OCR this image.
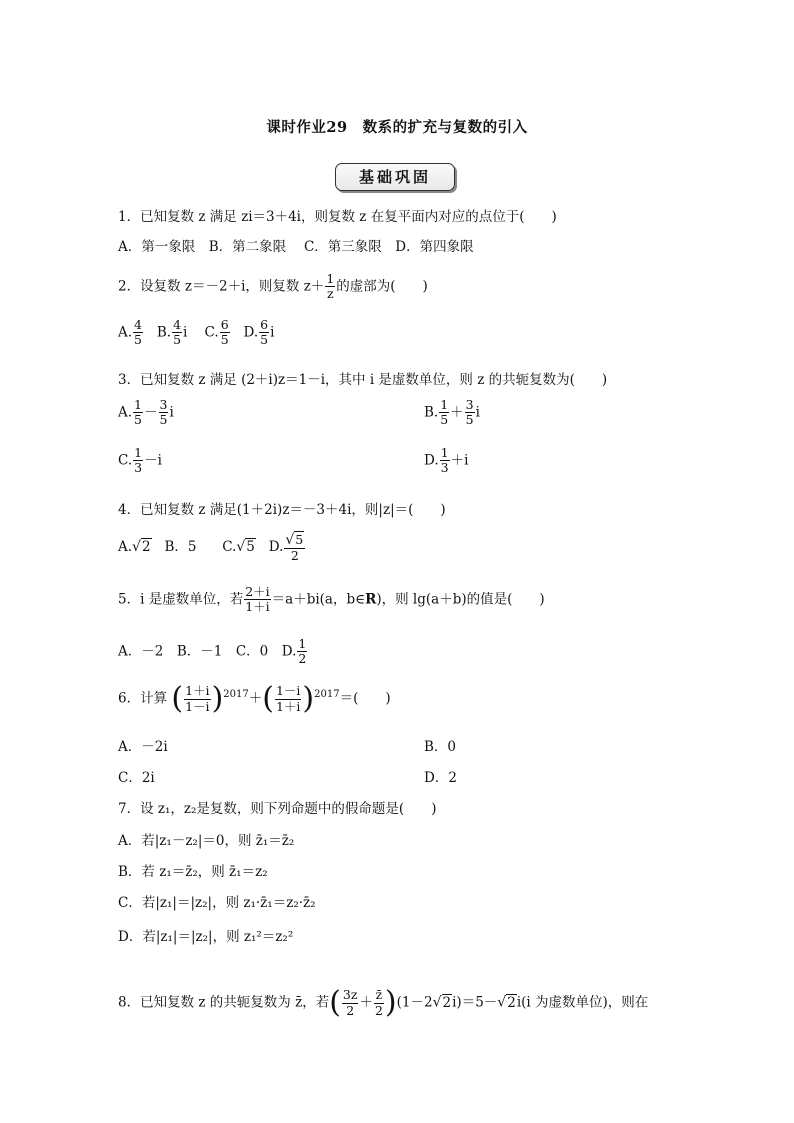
课时作业29　数系的扩充与复数的引入
基础巩固
1．已知复数 z 满足 zi＝3＋4i，则复数 z 在复平面内对应的点位于(　　)
A．第一象限　B．第二象限　 C．第三象限　D．第四象限
2．设复数 z＝－2＋i，则复数 $z+ \frac{1}{z}$ 的虚部为(　　)
A. $\frac{4}{5} B$. $\frac{4}{5}$ i C. $\frac{6}{5} D$. $\frac{6}{5}$ i
3．已知复数 z 满足 (2＋i)z＝1－i，其中 i 是虚数单位，则 z 的共轭复数为(　　)
A. $\frac{1}{5} - \frac{3}{5}$ i	B. $\frac{1}{5} + \frac{3}{5}$ i
C. $\frac{1}{3} -i$	D. $\frac{1}{3} +i$
4．已知复数 z 满足(1＋2i)z＝－3＋4i，则|z|＝(　　)
A.√2 B．5 C.√5 D. $\frac{√5}{2}$
5．i 是虚数单位，若 $\frac{2+i}{1+i} =a+bi(a$，b∈R)，则 lg(a＋b)的值是(　　)
A．－2　B．－1　C．0　D. $\frac{1}{2}$
6．计算 ( $\frac{1+i}{1-i} )^{2017}+( \frac{1-i}{1+i} )^{2017}=$(　　)
A．－2i	B．0
C．2i	D．2
7．设 z₁，z₂是复数，则下列命题中的假命题是(　　)
A．若|z₁－z₂|＝0，则 z̄₁＝z̄₂
B．若 z₁＝z̄₂，则 z̄₁＝z₂
C．若|z₁|＝|z₂|，则 z₁·z̄₁＝z₂·z̄₂
D．若|z₁|＝|z₂|，则 z₁²＝z₂²
8．已知复数 z 的共轭复数为 z̄，若( $\frac{3z}{2} + \frac{z̄}{2} )(1-2√2i)=5-√2i(i$ 为虚数单位)，则在
